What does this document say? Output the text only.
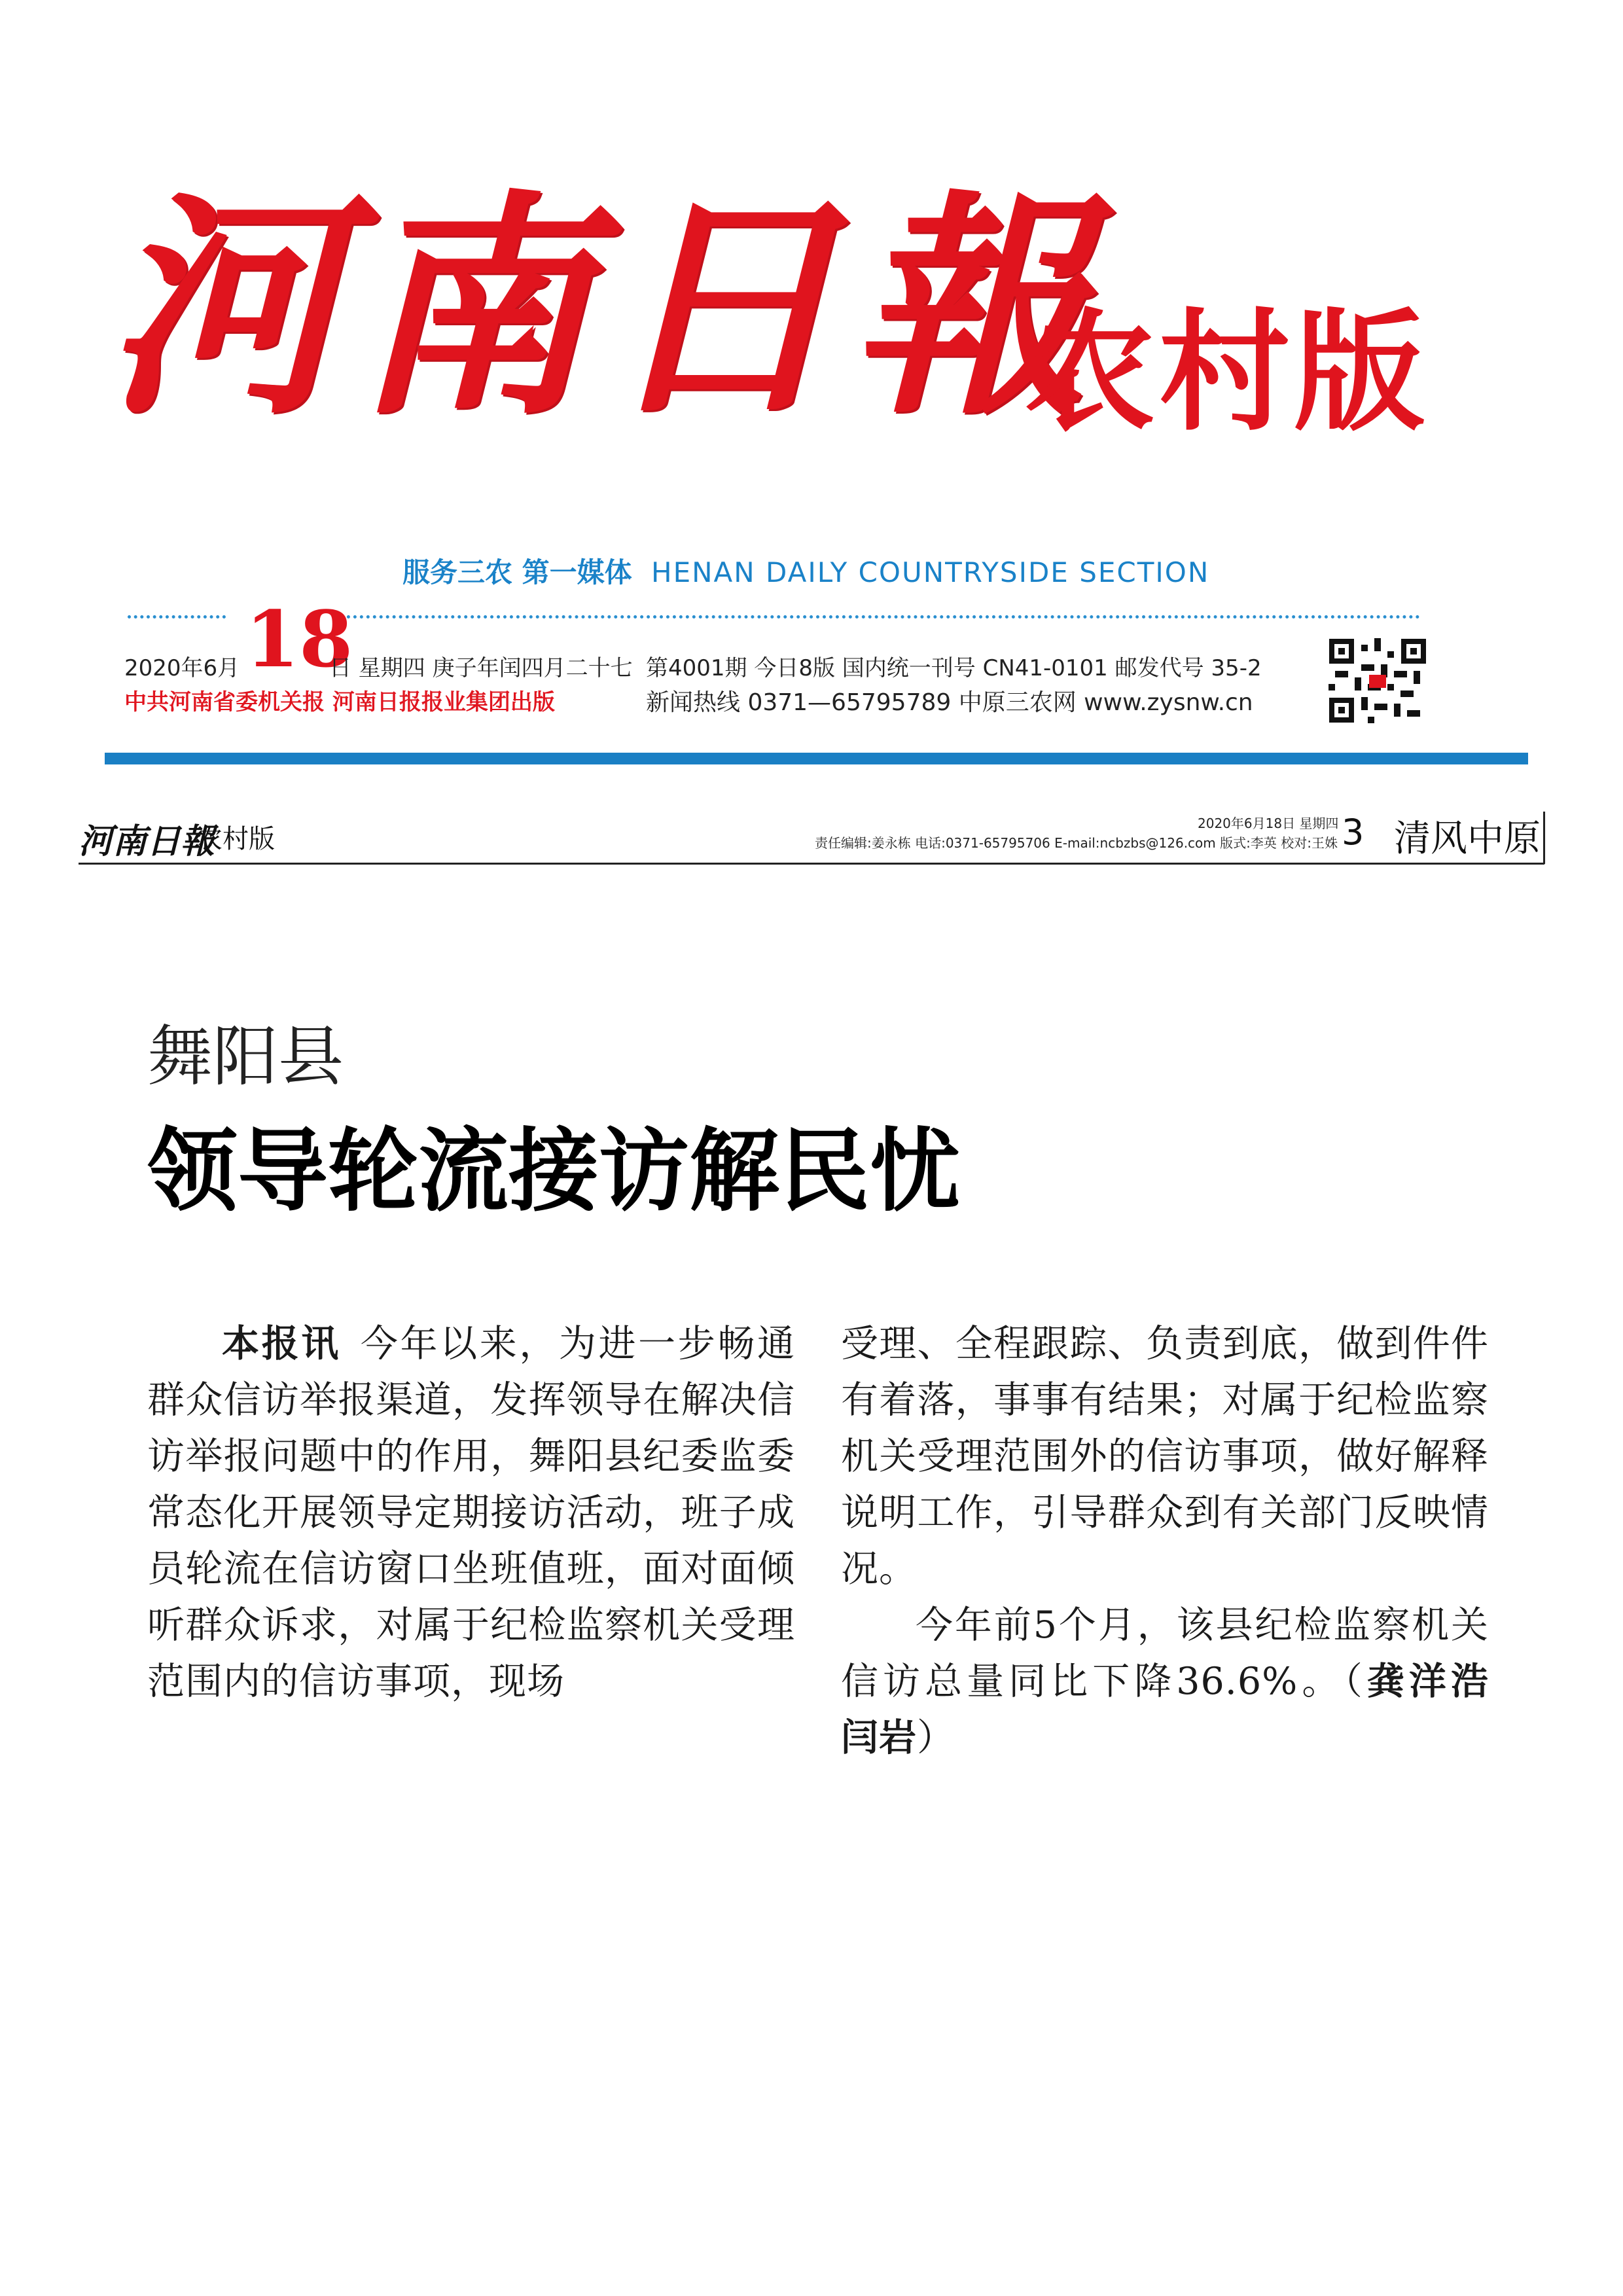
河南日報
农村版
服务三农 第一媒体 HENAN DAILY COUNTRYSIDE SECTION
2020年6月 18
日 星期四 庚子年闰四月二十七 第4001期 今日8版 国内统一刊号 CN41-0101 邮发代号 35-2
中共河南省委机关报 河南日报报业集团出版	新闻热线 0371—65795789 中原三农网 www.zysnw.cn
河南日報
农村版
2020年6月18日 星期四
责任编辑:姜永栋 电话:0371-65795706 E-mail:ncbzbs@126.com 版式:李英 校对:王姝 3 清风中原
舞阳县
领导轮流接访解民忧

本报讯 今年以来，为进一步畅通群众信访举报渠道，发挥领导在解决信访举报问题中的作用，舞阳县纪委监委常态化开展领导定期接访活动，班子成员轮流在信访窗口坐班值班，面对面倾听群众诉求，对属于纪检监察机关受理范围内的信访事项，现场

受理、全程跟踪、负责到底，做到件件有着落，事事有结果；对属于纪检监察机关受理范围外的信访事项，做好解释说明工作，引导群众到有关部门反映情况。

今年前5个月，该县纪检监察机关信访总量同比下降36.6%。（龚洋浩 闫岩）
